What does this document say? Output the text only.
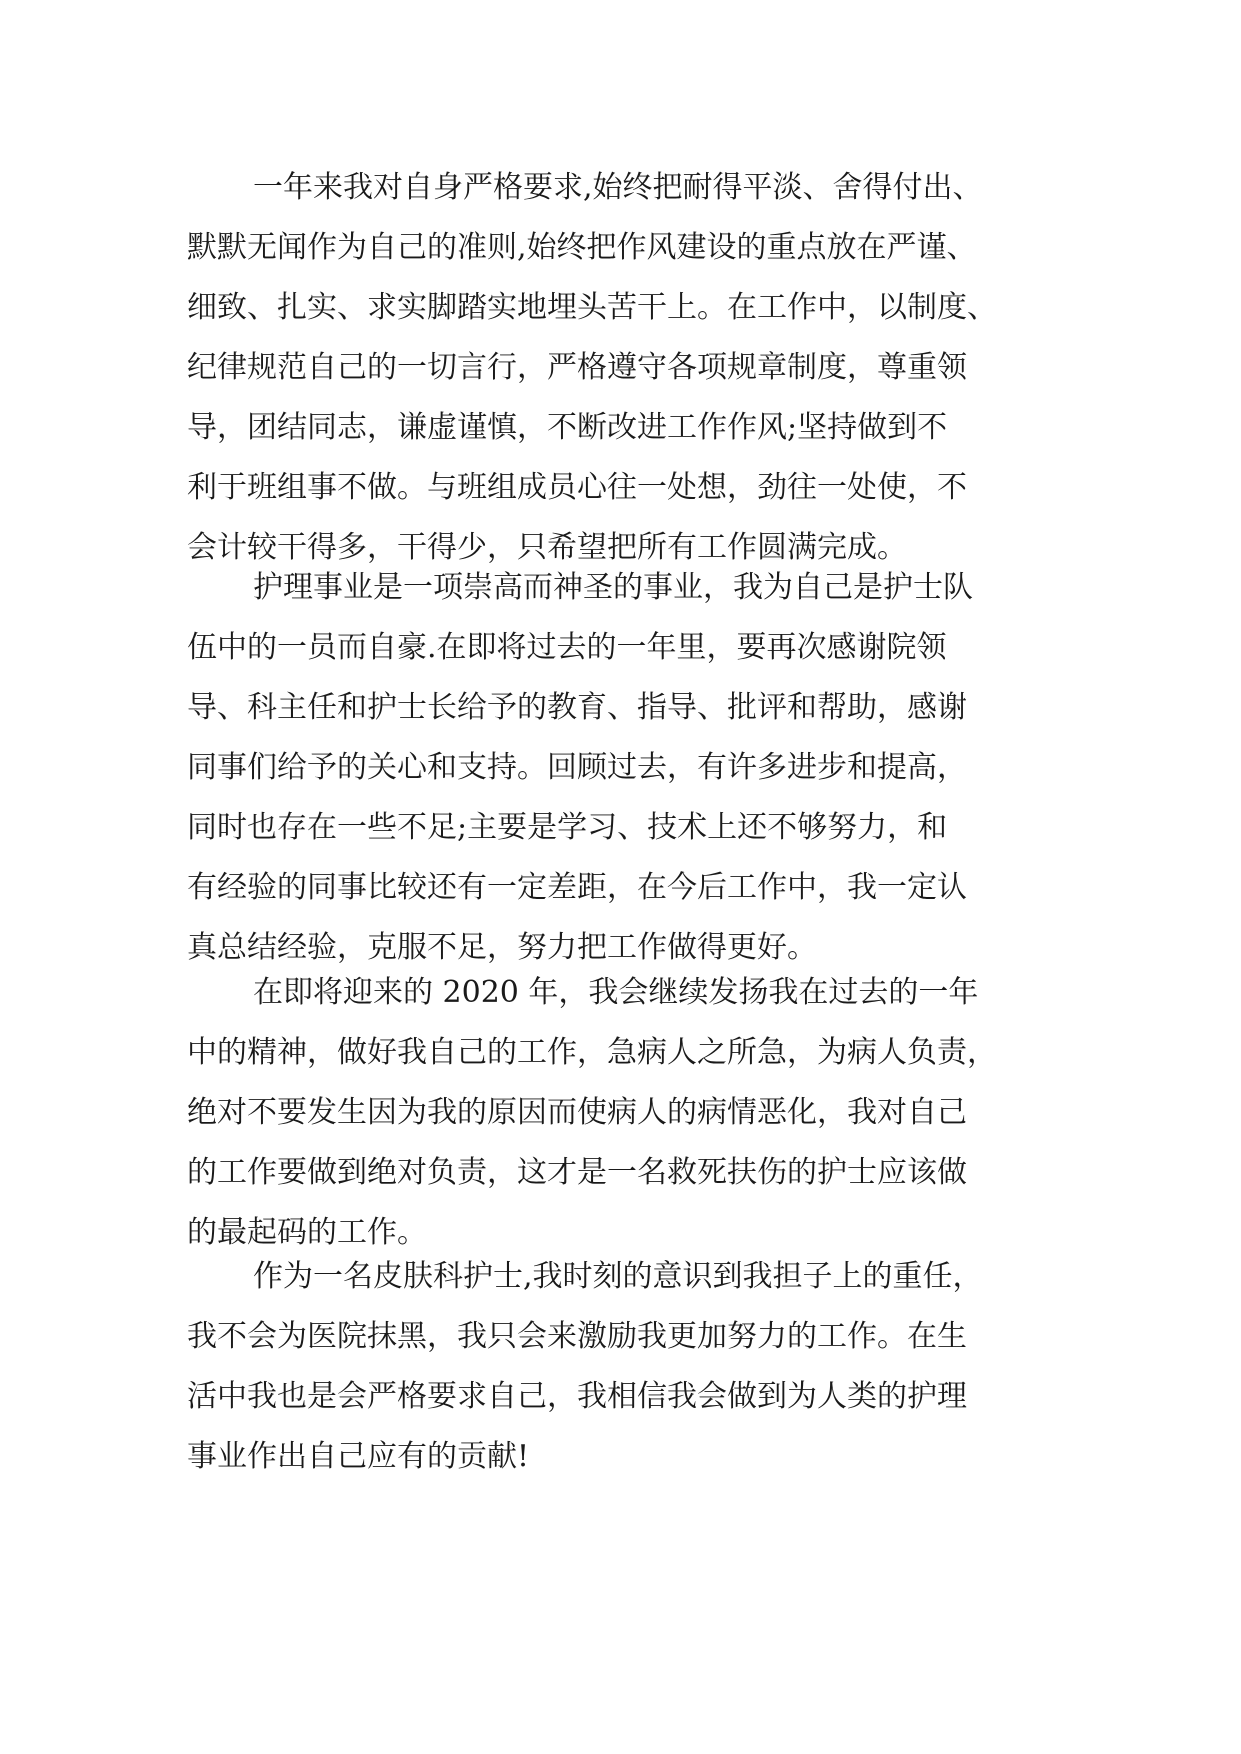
一年来我对自身严格要求,始终把耐得平淡、舍得付出、
默默无闻作为自己的准则,始终把作风建设的重点放在严谨、
细致、扎实、求实脚踏实地埋头苦干上。在工作中，以制度、
纪律规范自己的一切言行，严格遵守各项规章制度，尊重领
导，团结同志，谦虚谨慎，不断改进工作作风;坚持做到不
利于班组事不做。与班组成员心往一处想，劲往一处使，不
会计较干得多，干得少，只希望把所有工作圆满完成。
护理事业是一项崇高而神圣的事业，我为自己是护士队
伍中的一员而自豪.在即将过去的一年里，要再次感谢院领
导、科主任和护士长给予的教育、指导、批评和帮助，感谢
同事们给予的关心和支持。回顾过去，有许多进步和提高，
同时也存在一些不足;主要是学习、技术上还不够努力，和
有经验的同事比较还有一定差距，在今后工作中，我一定认
真总结经验，克服不足，努力把工作做得更好。
在即将迎来的 2020 年，我会继续发扬我在过去的一年
中的精神，做好我自己的工作，急病人之所急，为病人负责，
绝对不要发生因为我的原因而使病人的病情恶化，我对自己
的工作要做到绝对负责，这才是一名救死扶伤的护士应该做
的最起码的工作。
作为一名皮肤科护士,我时刻的意识到我担子上的重任，
我不会为医院抹黑，我只会来激励我更加努力的工作。在生
活中我也是会严格要求自己，我相信我会做到为人类的护理
事业作出自己应有的贡献!
